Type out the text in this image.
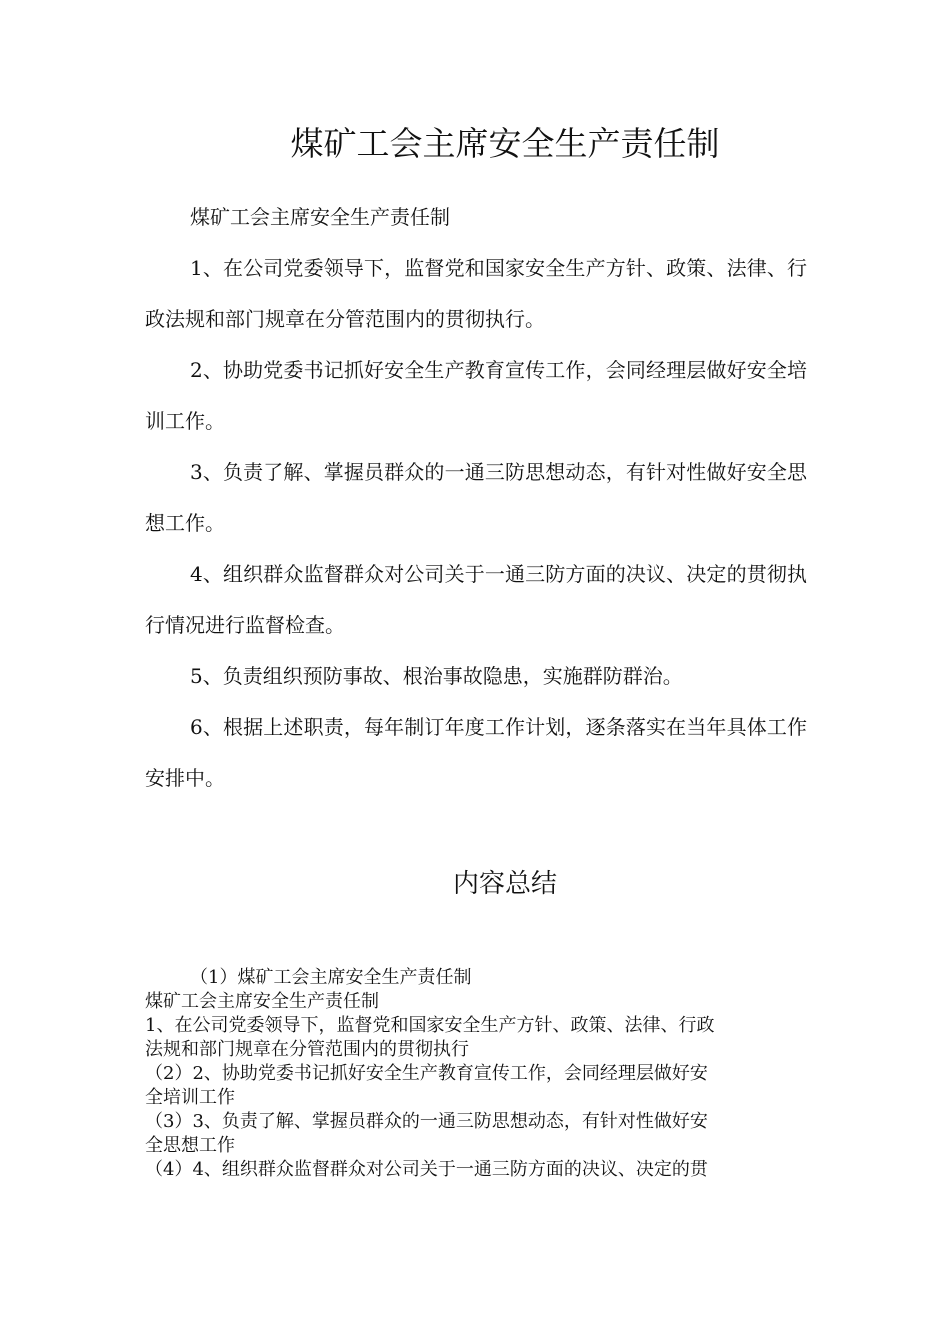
煤矿工会主席安全生产责任制

煤矿工会主席安全生产责任制

1、在公司党委领导下，监督党和国家安全生产方针、政策、法律、行政法规和部门规章在分管范围内的贯彻执行。

2、协助党委书记抓好安全生产教育宣传工作，会同经理层做好安全培训工作。

3、负责了解、掌握员群众的一通三防思想动态，有针对性做好安全思想工作。

4、组织群众监督群众对公司关于一通三防方面的决议、决定的贯彻执行情况进行监督检查。

5、负责组织预防事故、根治事故隐患，实施群防群治。

6、根据上述职责，每年制订年度工作计划，逐条落实在当年具体工作安排中。

内容总结

（1）煤矿工会主席安全生产责任制

煤矿工会主席安全生产责任制

1、在公司党委领导下，监督党和国家安全生产方针、政策、法律、行政

法规和部门规章在分管范围内的贯彻执行

（2）2、协助党委书记抓好安全生产教育宣传工作，会同经理层做好安

全培训工作

（3）3、负责了解、掌握员群众的一通三防思想动态，有针对性做好安

全思想工作

（4）4、组织群众监督群众对公司关于一通三防方面的决议、决定的贯
